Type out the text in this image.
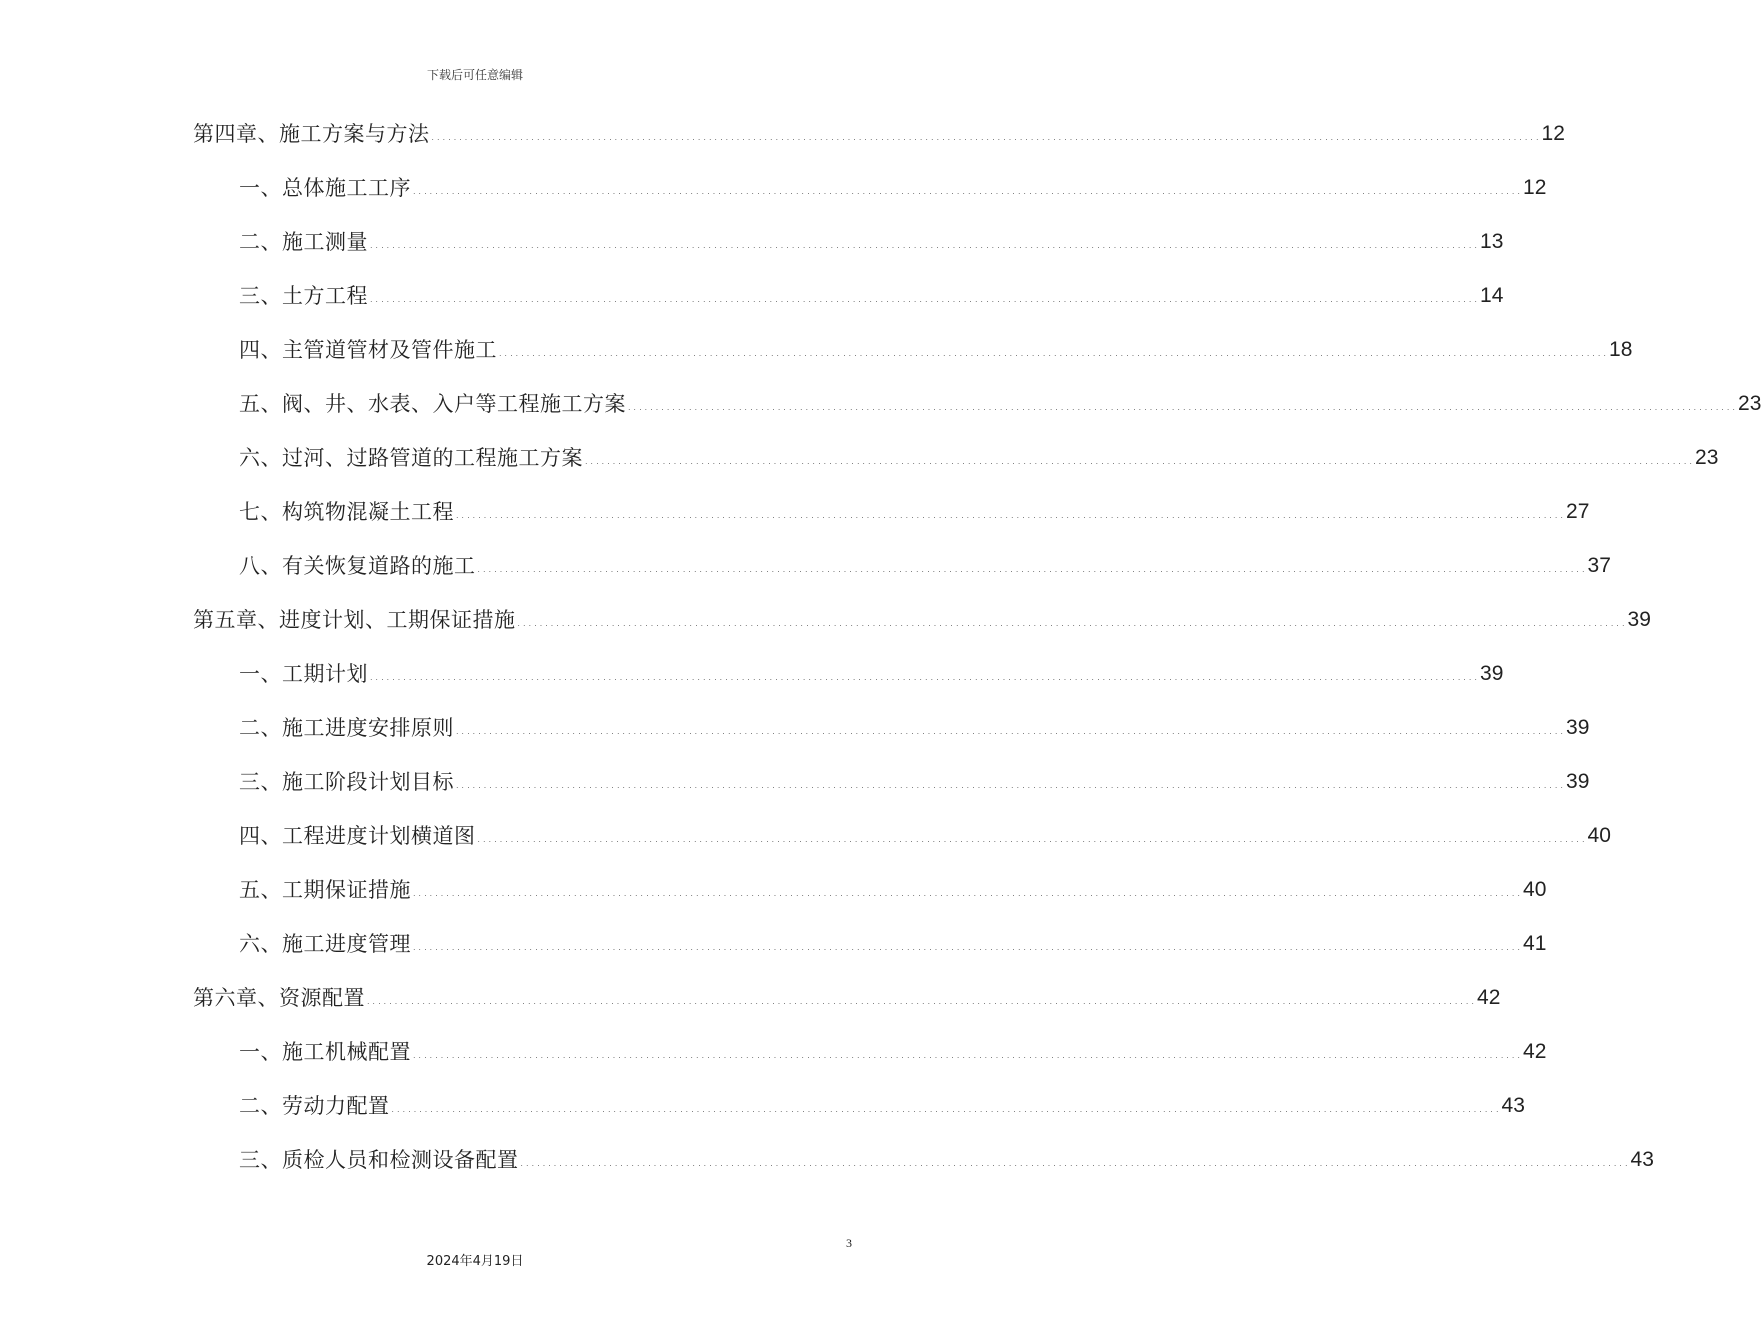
下载后可任意编辑
第四章、施工方案与方法 ........................................................................................................................................................................................................ 12
一、总体施工工序 ........................................................................................................................................................................................................ 12
二、施工测量 ........................................................................................................................................................................................................ 13
三、土方工程 ........................................................................................................................................................................................................ 14
四、主管道管材及管件施工 ........................................................................................................................................................................................................ 18
五、阀、井、水表、入户等工程施工方案 ........................................................................................................................................................................................................ 23
六、过河、过路管道的工程施工方案 ........................................................................................................................................................................................................ 23
七、构筑物混凝土工程 ........................................................................................................................................................................................................ 27
八、有关恢复道路的施工 ........................................................................................................................................................................................................ 37
第五章、进度计划、工期保证措施 ........................................................................................................................................................................................................ 39
一、工期计划 ........................................................................................................................................................................................................ 39
二、施工进度安排原则 ........................................................................................................................................................................................................ 39
三、施工阶段计划目标 ........................................................................................................................................................................................................ 39
四、工程进度计划横道图 ........................................................................................................................................................................................................ 40
五、工期保证措施 ........................................................................................................................................................................................................ 40
六、施工进度管理 ........................................................................................................................................................................................................ 41
第六章、资源配置 ........................................................................................................................................................................................................ 42
一、施工机械配置 ........................................................................................................................................................................................................ 42
二、劳动力配置 ........................................................................................................................................................................................................ 43
三、质检人员和检测设备配置 ........................................................................................................................................................................................................ 43
3
2024年4月19日
